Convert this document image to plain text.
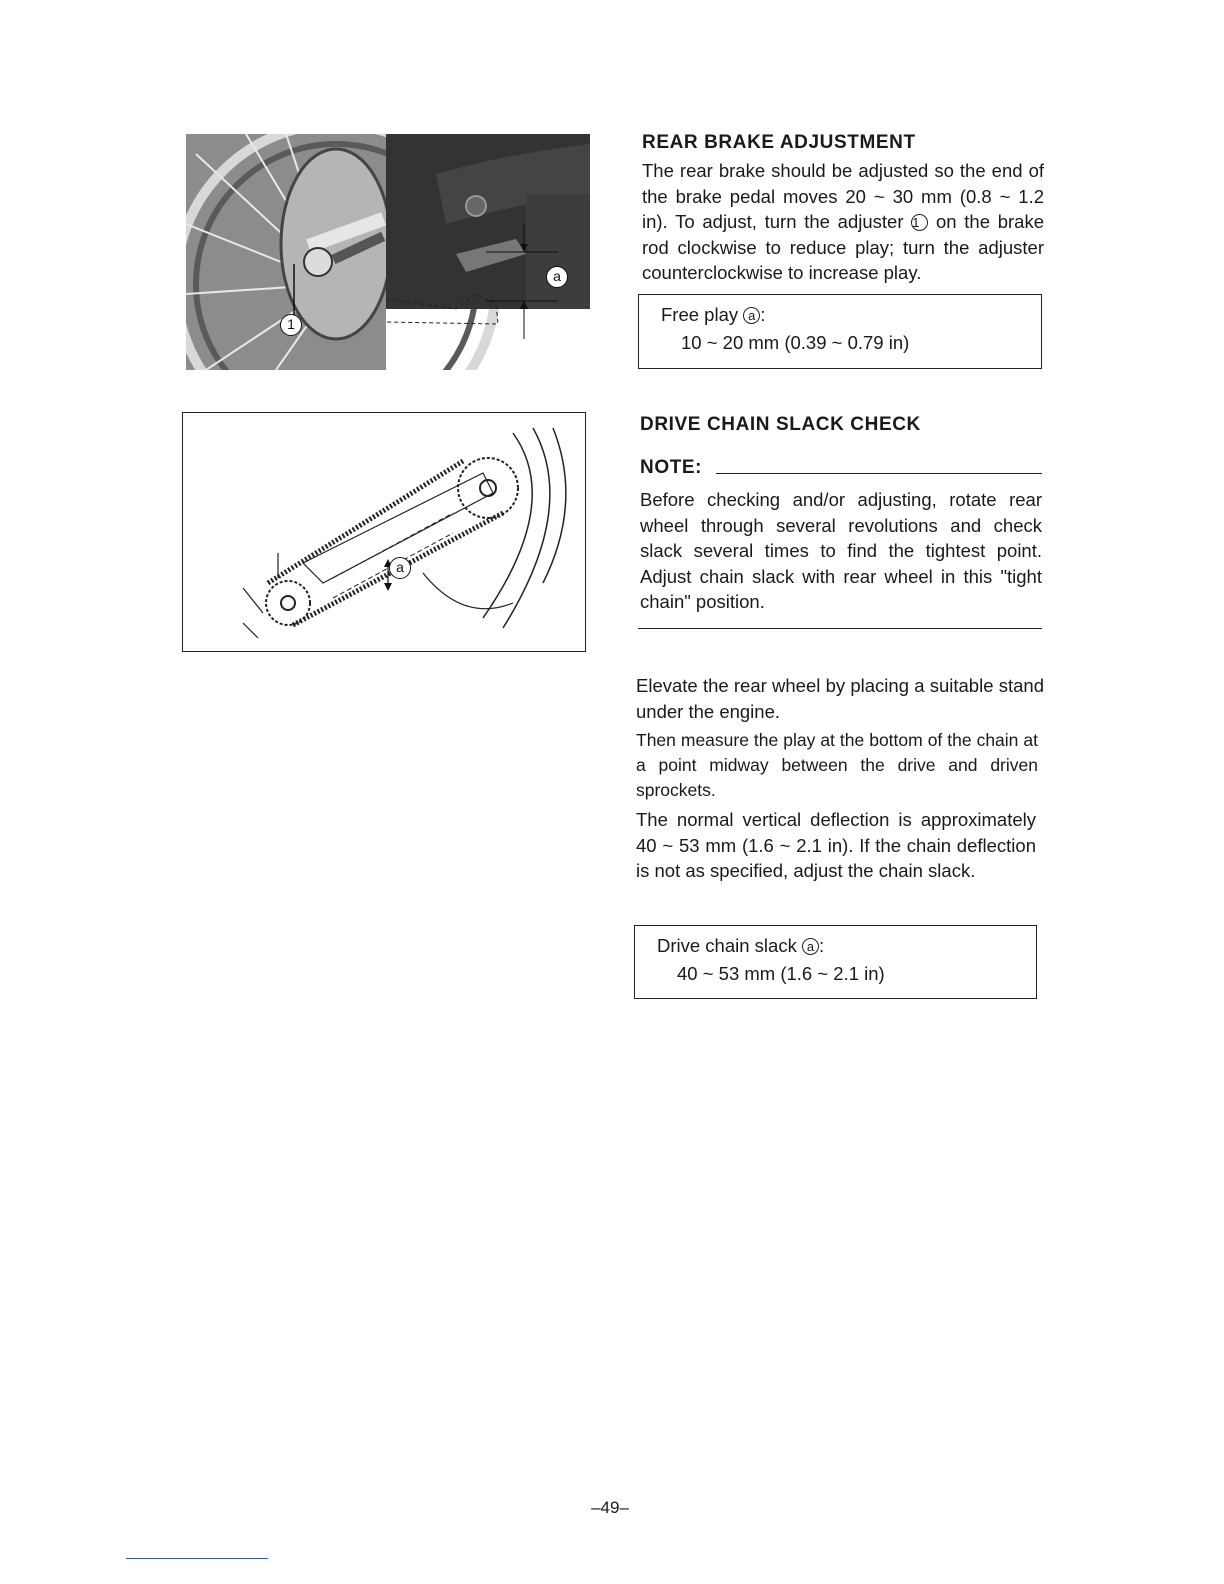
1
a
a
REAR BRAKE ADJUSTMENT

The rear brake should be adjusted so the end of the brake pedal moves 20 ~ 30 mm (0.8 ~ 1.2 in). To adjust, turn the adjuster 1 on the brake rod clockwise to reduce play; turn the adjuster counterclockwise to increase play.

Free play a :
10 ~ 20 mm (0.39 ~ 0.79 in)
DRIVE CHAIN SLACK CHECK
NOTE:

Before checking and/or adjusting, rotate rear wheel through several revolutions and check slack several times to find the tightest point. Adjust chain slack with rear wheel in this "tight chain" position.

Elevate the rear wheel by placing a suitable stand under the engine.

Then measure the play at the bottom of the chain at a point midway between the drive and driven sprockets.

The normal vertical deflection is approximately 40 ~ 53 mm (1.6 ~ 2.1 in). If the chain deflection is not as specified, adjust the chain slack.

Drive chain slack a :
40 ~ 53 mm (1.6 ~ 2.1 in)
–49–
